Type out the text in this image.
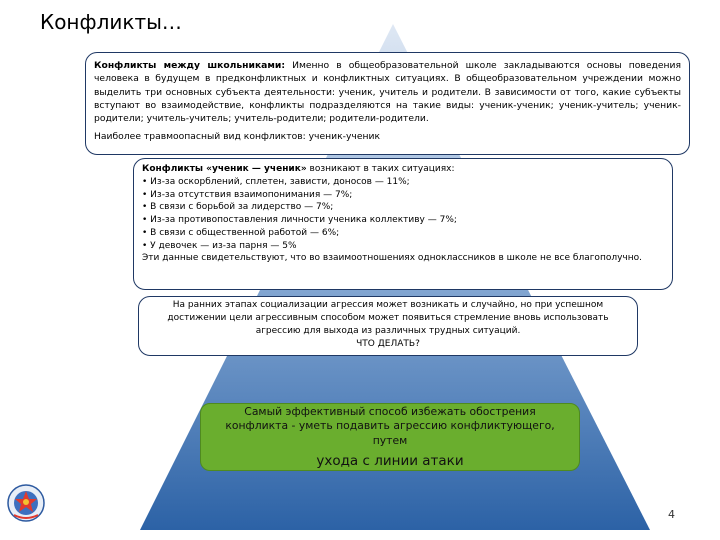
Конфликты…
Конфликты между школьниками: Именно в общеобразовательной школе закладываются основы поведения человека в будущем в предконфликтных и конфликтных ситуациях. В общеобразовательном учреждении можно выделить три основных субъекта деятельности: ученик, учитель и родители. В зависимости от того, какие субъекты вступают во взаимодействие, конфликты подразделяются на такие виды: ученик-ученик; ученик-учитель; ученик-родители; учитель-учитель; учитель-родители; родители-родители.
Наиболее травмоопасный вид конфликтов: ученик-ученик
Конфликты «ученик — ученик» возникают в таких ситуациях:
• Из-за оскорблений, сплетен, зависти, доносов — 11%;
• Из-за отсутствия взаимопонимания — 7%;
• В связи с борьбой за лидерство — 7%;
• Из-за противопоставления личности ученика коллективу — 7%;
• В связи с общественной работой — 6%;
• У девочек — из-за парня — 5%
Эти данные свидетельствуют, что во взаимоотношениях одноклассников в школе не все благополучно.
На ранних этапах социализации агрессия может возникать и случайно, но при успешном
достижении цели агрессивным способом может появиться стремление вновь использовать
агрессию для выхода из различных трудных ситуаций.
ЧТО ДЕЛАТЬ?
Самый эффективный способ избежать обострения
конфликта - уметь подавить агрессию конфликтующего,
путем
ухода с линии атаки
4
